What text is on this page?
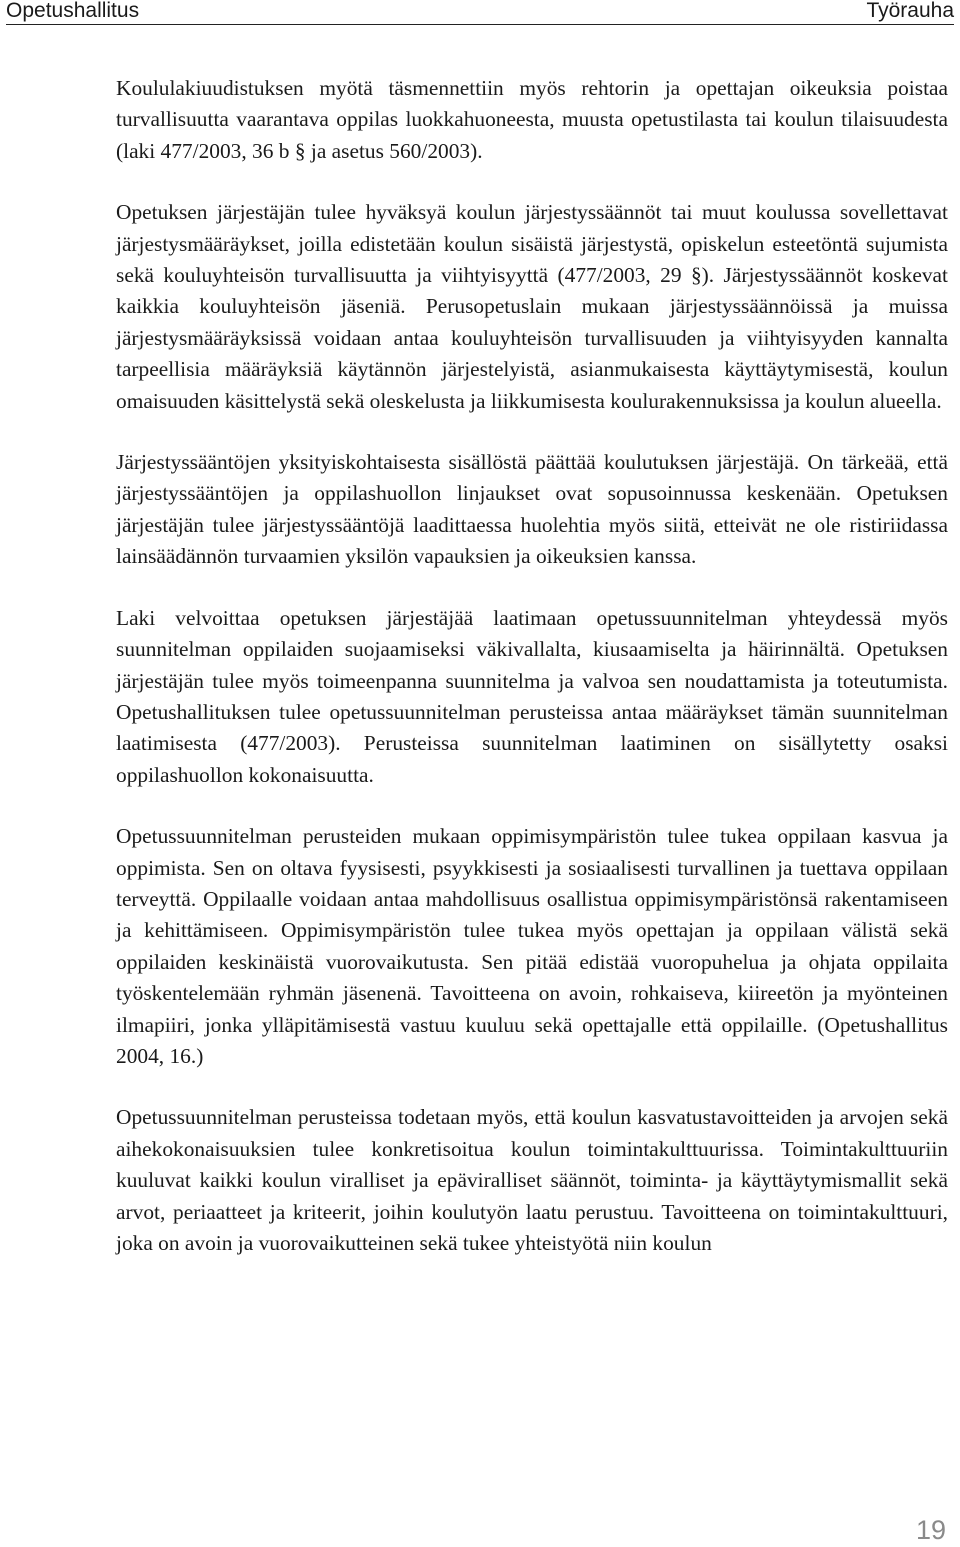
Opetushallitus	Työrauha

Koululakiuudistuksen myötä täsmennettiin myös rehtorin ja opettajan oikeuksia poistaa turvallisuutta vaarantava oppilas luokkahuoneesta, muusta opetustilasta tai koulun tilaisuudesta (laki 477/2003, 36 b § ja asetus 560/2003).

Opetuksen järjestäjän tulee hyväksyä koulun järjestyssäännöt tai muut koulussa sovellettavat järjestysmääräykset, joilla edistetään koulun sisäistä järjestystä, opiskelun esteetöntä sujumista sekä kouluyhteisön turvallisuutta ja viihtyisyyttä (477/2003, 29 §). Järjestyssäännöt koskevat kaikkia kouluyhteisön jäseniä. Perusopetuslain mukaan järjestyssäännöissä ja muissa järjestysmääräyksissä voidaan antaa kouluyhteisön turvallisuuden ja viihtyisyyden kannalta tarpeellisia määräyksiä käytännön järjestelyistä, asianmukaisesta käyttäytymisestä, koulun omaisuuden käsittelystä sekä oleskelusta ja liikkumisesta koulurakennuksissa ja koulun alueella.

Järjestyssääntöjen yksityiskohtaisesta sisällöstä päättää koulutuksen järjestäjä. On tärkeää, että järjestyssääntöjen ja oppilashuollon linjaukset ovat sopusoinnussa keskenään. Opetuksen järjestäjän tulee järjestyssääntöjä laadittaessa huolehtia myös siitä, etteivät ne ole ristiriidassa lainsäädännön turvaamien yksilön vapauksien ja oikeuksien kanssa.

Laki velvoittaa opetuksen järjestäjää laatimaan opetussuunnitelman yhteydessä myös suunnitelman oppilaiden suojaamiseksi väkivallalta, kiusaamiselta ja häirinnältä. Opetuksen järjestäjän tulee myös toimeenpanna suunnitelma ja valvoa sen noudattamista ja toteutumista. Opetushallituksen tulee opetussuunnitelman perusteissa antaa määräykset tämän suunnitelman laatimisesta (477/2003). Perusteissa suunnitelman laatiminen on sisällytetty osaksi oppilashuollon kokonaisuutta.

Opetussuunnitelman perusteiden mukaan oppimisympäristön tulee tukea oppilaan kasvua ja oppimista. Sen on oltava fyysisesti, psyykkisesti ja sosiaalisesti turvallinen ja tuettava oppilaan terveyttä. Oppilaalle voidaan antaa mahdollisuus osallistua oppimisympäristönsä rakentamiseen ja kehittämiseen. Oppimisympäristön tulee tukea myös opettajan ja oppilaan välistä sekä oppilaiden keskinäistä vuorovaikutusta. Sen pitää edistää vuoropuhelua ja ohjata oppilaita työskentelemään ryhmän jäsenenä. Tavoitteena on avoin, rohkaiseva, kiireetön ja myönteinen ilmapiiri, jonka ylläpitämisestä vastuu kuuluu sekä opettajalle että oppilaille. (Opetushallitus 2004, 16.)

Opetussuunnitelman perusteissa todetaan myös, että koulun kasvatustavoitteiden ja arvojen sekä aihekokonaisuuksien tulee konkretisoitua koulun toimintakulttuurissa. Toimintakulttuuriin kuuluvat kaikki koulun viralliset ja epäviralliset säännöt, toiminta- ja käyttäytymismallit sekä arvot, periaatteet ja kriteerit, joihin koulutyön laatu perustuu. Tavoitteena on toimintakulttuuri, joka on avoin ja vuorovaikutteinen sekä tukee yhteistyötä niin koulun

19
